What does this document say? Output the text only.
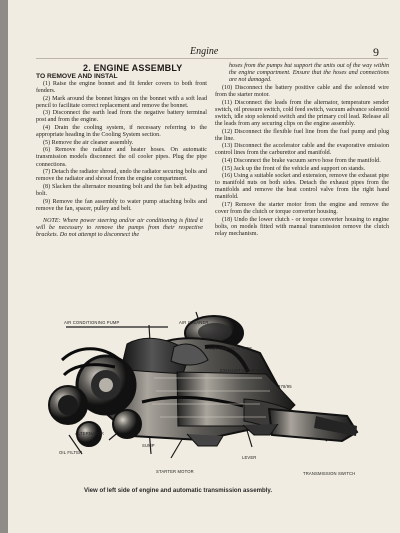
Engine	9
2. ENGINE ASSEMBLY

TO REMOVE AND INSTAL

(1) Raise the engine bonnet and fit fender covers to both front fenders.

(2) Mark around the bonnet hinges on the bonnet with a soft lead pencil to facilitate correct replacement and remove the bonnet.

(3) Disconnect the earth lead from the negative battery terminal post and from the engine.

(4) Drain the cooling system, if necessary referring to the appropriate heading in the Cooling System section.

(5) Remove the air cleaner assembly.

(6) Remove the radiator and heater hoses. On automatic transmission models disconnect the oil cooler pipes. Plug the pipe connections.

(7) Detach the radiator shroud, undo the radiator securing bolts and remove the radiator and shroud from the engine compartment.

(8) Slacken the alternator mounting bolt and the fan belt adjusting bolt.

(9) Remove the fan assembly to water pump attaching bolts and remove the fan, spacer, pulley and belt.

NOTE: Where power steering and/or air conditioning is fitted it will be necessary to remove the pumps from their respective brackets. Do not attempt to disconnect the

hoses from the pumps but support the units out of the way within the engine compartment. Ensure that the hoses and connections are not damaged.

(10) Disconnect the battery positive cable and the solenoid wire from the starter motor.

(11) Disconnect the leads from the alternator, temperature sender switch, oil pressure switch, cold feed switch, vacuum advance solenoid switch, idle stop solenoid switch and the primary coil lead. Release all the leads from any securing clips on the engine assembly.

(12) Disconnect the flexible fuel line from the fuel pump and plug the line.

(13) Disconnect the accelerator cable and the evaporative emission control lines from the carburettor and manifold.

(14) Disconnect the brake vacuum servo hose from the manifold.

(15) Jack up the front of the vehicle and support on stands.

(16) Using a suitable socket and extension, remove the exhaust pipe to manifold nuts on both sides. Detach the exhaust pipes from the manifolds and remove the heat control valve from the right hand manifold.

(17) Remove the starter motor from the engine and remove the cover from the clutch or torque converter housing.

(18) Undo the lower clutch - or torque converter housing to engine bolts, on models fitted with manual transmission remove the clutch relay mechanism.

AIR CONDITIONING PUMP	AIR CLEANER
AIR PRE-HEAT PIPE
EXHAUST MANIFOLD
378/95
ALTERNATOR
OIL FILTER
SUMP
STARTER MOTOR
LEVER
TRANSMISSION SWITCH
View of left side of engine and automatic transmission assembly.
